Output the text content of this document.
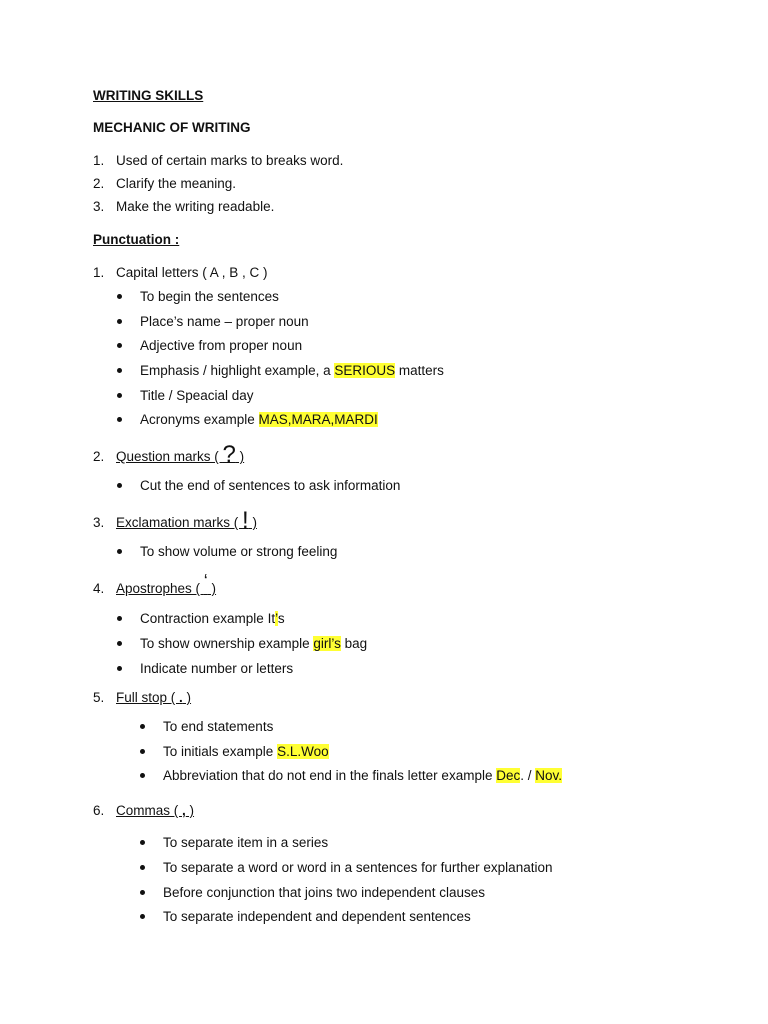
WRITING SKILLS
MECHANIC OF WRITING
1. Used of certain marks to breaks word.
2. Clarify the meaning.
3. Make the writing readable.
Punctuation :
1. Capital letters ( A , B , C )
To begin the sentences
Place’s name – proper noun
Adjective from proper noun
Emphasis / highlight example, a SERIOUS matters
Title / Speacial day
Acronyms example MAS,MARA,MARDI
2. Question marks ( ? )
Cut the end of sentences to ask information
3. Exclamation marks ( ! )
To show volume or strong feeling
4. Apostrophes ( ‘ )
Contraction example It’s
To show ownership example girl’s bag
Indicate number or letters
5. Full stop ( . )
To end statements
To initials example S.L.Woo
Abbreviation that do not end in the finals letter example Dec. / Nov.
6. Commas ( , )
To separate item in a series
To separate a word or word in a sentences for further explanation
Before conjunction that joins two independent clauses
To separate independent and dependent sentences
